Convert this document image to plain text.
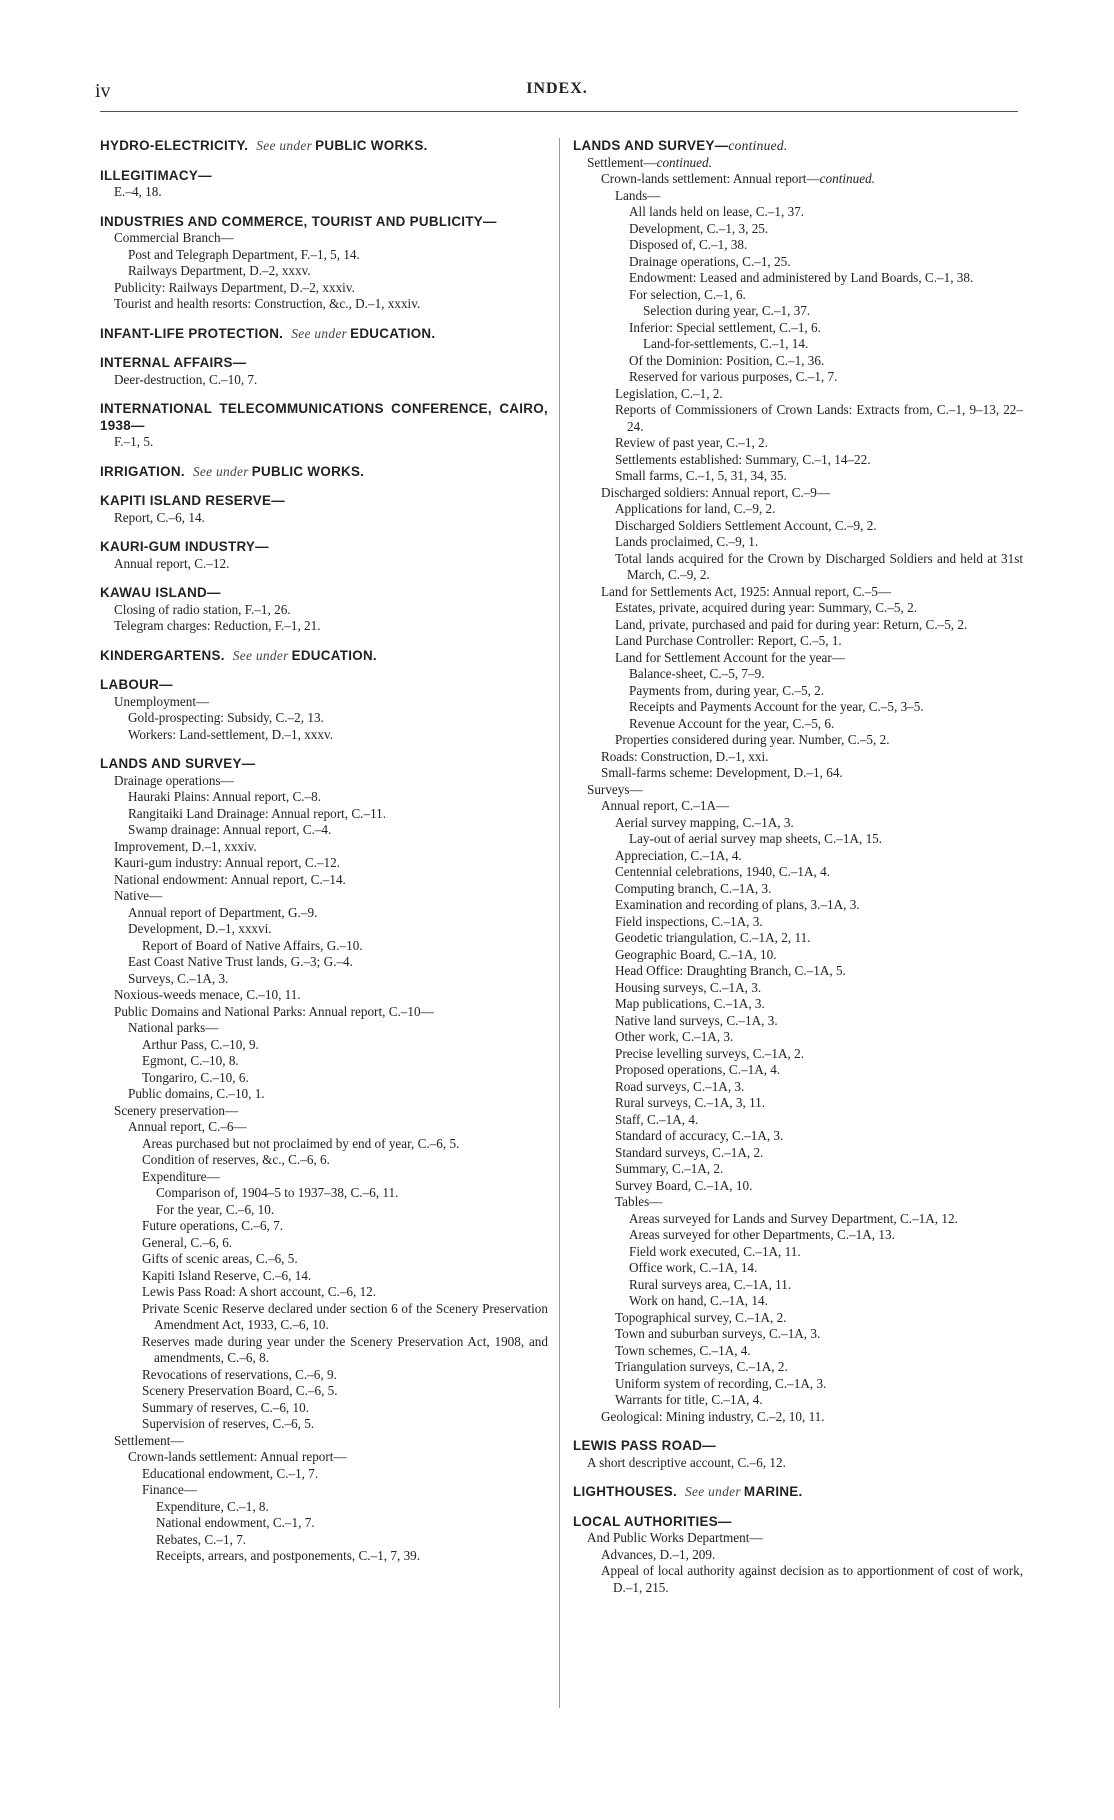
iv	INDEX.
HYDRO-ELECTRICITY. See under PUBLIC WORKS.
ILLEGITIMACY—
E.–4, 18.
INDUSTRIES AND COMMERCE, TOURIST AND PUBLICITY—
Commercial Branch—
Post and Telegraph Department, F.–1, 5, 14.
Railways Department, D.–2, xxxv.
Publicity: Railways Department, D.–2, xxxiv.
Tourist and health resorts: Construction, &c., D.–1, xxxiv.
INFANT-LIFE PROTECTION. See under EDUCATION.
INTERNAL AFFAIRS—
Deer-destruction, C.–10, 7.
INTERNATIONAL TELECOMMUNICATIONS CONFERENCE, CAIRO, 1938—
F.–1, 5.
IRRIGATION. See under PUBLIC WORKS.
KAPITI ISLAND RESERVE—
Report, C.–6, 14.
KAURI-GUM INDUSTRY—
Annual report, C.–12.
KAWAU ISLAND—
Closing of radio station, F.–1, 26.
Telegram charges: Reduction, F.–1, 21.
KINDERGARTENS. See under EDUCATION.
LABOUR—
Unemployment—
Gold-prospecting: Subsidy, C.–2, 13.
Workers: Land-settlement, D.–1, xxxv.
LANDS AND SURVEY—
Drainage operations—
Hauraki Plains: Annual report, C.–8.
Rangitaiki Land Drainage: Annual report, C.–11.
Swamp drainage: Annual report, C.–4.
Improvement, D.–1, xxxiv.
Kauri-gum industry: Annual report, C.–12.
National endowment: Annual report, C.–14.
Native—
Annual report of Department, G.–9.
Development, D.–1, xxxvi.
Report of Board of Native Affairs, G.–10.
East Coast Native Trust lands, G.–3; G.–4.
Surveys, C.–1A, 3.
Noxious-weeds menace, C.–10, 11.
Public Domains and National Parks: Annual report, C.–10—
National parks—
Arthur Pass, C.–10, 9.
Egmont, C.–10, 8.
Tongariro, C.–10, 6.
Public domains, C.–10, 1.
Scenery preservation—
Annual report, C.–6—
Areas purchased but not proclaimed by end of year, C.–6, 5.
Condition of reserves, &c., C.–6, 6.
Expenditure—
Comparison of, 1904–5 to 1937–38, C.–6, 11.
For the year, C.–6, 10.
Future operations, C.–6, 7.
General, C.–6, 6.
Gifts of scenic areas, C.–6, 5.
Kapiti Island Reserve, C.–6, 14.
Lewis Pass Road: A short account, C.–6, 12.
Private Scenic Reserve declared under section 6 of the Scenery Preservation Amendment Act, 1933, C.–6, 10.
Reserves made during year under the Scenery Preservation Act, 1908, and amendments, C.–6, 8.
Revocations of reservations, C.–6, 9.
Scenery Preservation Board, C.–6, 5.
Summary of reserves, C.–6, 10.
Supervision of reserves, C.–6, 5.
Settlement—
Crown-lands settlement: Annual report—
Educational endowment, C.–1, 7.
Finance—
Expenditure, C.–1, 8.
National endowment, C.–1, 7.
Rebates, C.–1, 7.
Receipts, arrears, and postponements, C.–1, 7, 39.
LANDS AND SURVEY—continued.
Settlement—continued.
Crown-lands settlement: Annual report—continued.
Lands—
All lands held on lease, C.–1, 37.
Development, C.–1, 3, 25.
Disposed of, C.–1, 38.
Drainage operations, C.–1, 25.
Endowment: Leased and administered by Land Boards, C.–1, 38.
For selection, C.–1, 6.
Selection during year, C.–1, 37.
Inferior: Special settlement, C.–1, 6.
Land-for-settlements, C.–1, 14.
Of the Dominion: Position, C.–1, 36.
Reserved for various purposes, C.–1, 7.
Legislation, C.–1, 2.
Reports of Commissioners of Crown Lands: Extracts from, C.–1, 9–13, 22–24.
Review of past year, C.–1, 2.
Settlements established: Summary, C.–1, 14–22.
Small farms, C.–1, 5, 31, 34, 35.
Discharged soldiers: Annual report, C.–9—
Applications for land, C.–9, 2.
Discharged Soldiers Settlement Account, C.–9, 2.
Lands proclaimed, C.–9, 1.
Total lands acquired for the Crown by Discharged Soldiers and held at 31st March, C.–9, 2.
Land for Settlements Act, 1925: Annual report, C.–5—
Estates, private, acquired during year: Summary, C.–5, 2.
Land, private, purchased and paid for during year: Return, C.–5, 2.
Land Purchase Controller: Report, C.–5, 1.
Land for Settlement Account for the year—
Balance-sheet, C.–5, 7–9.
Payments from, during year, C.–5, 2.
Receipts and Payments Account for the year, C.–5, 3–5.
Revenue Account for the year, C.–5, 6.
Properties considered during year. Number, C.–5, 2.
Roads: Construction, D.–1, xxi.
Small-farms scheme: Development, D.–1, 64.
Surveys—
Annual report, C.–1A—
Aerial survey mapping, C.–1A, 3.
Lay-out of aerial survey map sheets, C.–1A, 15.
Appreciation, C.–1A, 4.
Centennial celebrations, 1940, C.–1A, 4.
Computing branch, C.–1A, 3.
Examination and recording of plans, 3.–1A, 3.
Field inspections, C.–1A, 3.
Geodetic triangulation, C.–1A, 2, 11.
Geographic Board, C.–1A, 10.
Head Office: Draughting Branch, C.–1A, 5.
Housing surveys, C.–1A, 3.
Map publications, C.–1A, 3.
Native land surveys, C.–1A, 3.
Other work, C.–1A, 3.
Precise levelling surveys, C.–1A, 2.
Proposed operations, C.–1A, 4.
Road surveys, C.–1A, 3.
Rural surveys, C.–1A, 3, 11.
Staff, C.–1A, 4.
Standard of accuracy, C.–1A, 3.
Standard surveys, C.–1A, 2.
Summary, C.–1A, 2.
Survey Board, C.–1A, 10.
Tables—
Areas surveyed for Lands and Survey Department, C.–1A, 12.
Areas surveyed for other Departments, C.–1A, 13.
Field work executed, C.–1A, 11.
Office work, C.–1A, 14.
Rural surveys area, C.–1A, 11.
Work on hand, C.–1A, 14.
Topographical survey, C.–1A, 2.
Town and suburban surveys, C.–1A, 3.
Town schemes, C.–1A, 4.
Triangulation surveys, C.–1A, 2.
Uniform system of recording, C.–1A, 3.
Warrants for title, C.–1A, 4.
Geological: Mining industry, C.–2, 10, 11.
LEWIS PASS ROAD—
A short descriptive account, C.–6, 12.
LIGHTHOUSES. See under MARINE.
LOCAL AUTHORITIES—
And Public Works Department—
Advances, D.–1, 209.
Appeal of local authority against decision as to apportionment of cost of work, D.–1, 215.
